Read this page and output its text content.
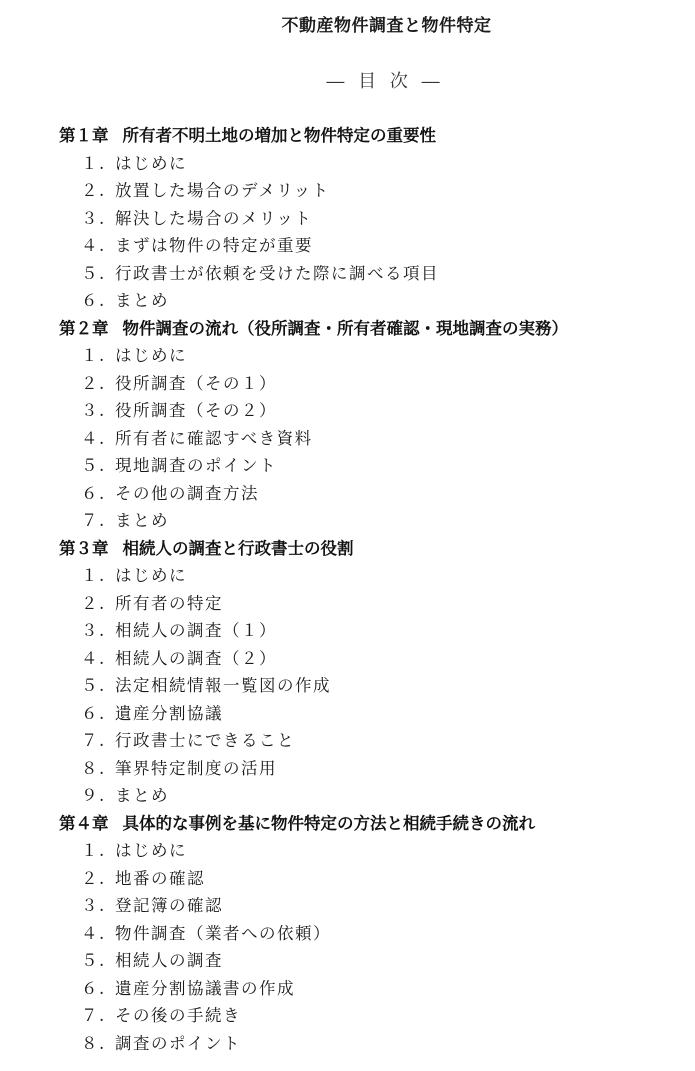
不動産物件調査と物件特定
― 目 次 ―
第１章 所有者不明土地の増加と物件特定の重要性
１. はじめに
２. 放置した場合のデメリット
３. 解決した場合のメリット
４. まずは物件の特定が重要
５. 行政書士が依頼を受けた際に調べる項目
６. まとめ
第２章 物件調査の流れ（役所調査・所有者確認・現地調査の実務）
１. はじめに
２. 役所調査（その１）
３. 役所調査（その２）
４. 所有者に確認すべき資料
５. 現地調査のポイント
６. その他の調査方法
７. まとめ
第３章 相続人の調査と行政書士の役割
１. はじめに
２. 所有者の特定
３. 相続人の調査（１）
４. 相続人の調査（２）
５. 法定相続情報一覧図の作成
６. 遺産分割協議
７. 行政書士にできること
８. 筆界特定制度の活用
９. まとめ
第４章 具体的な事例を基に物件特定の方法と相続手続きの流れ
１. はじめに
２. 地番の確認
３. 登記簿の確認
４. 物件調査（業者への依頼）
５. 相続人の調査
６. 遺産分割協議書の作成
７. その後の手続き
８. 調査のポイント
